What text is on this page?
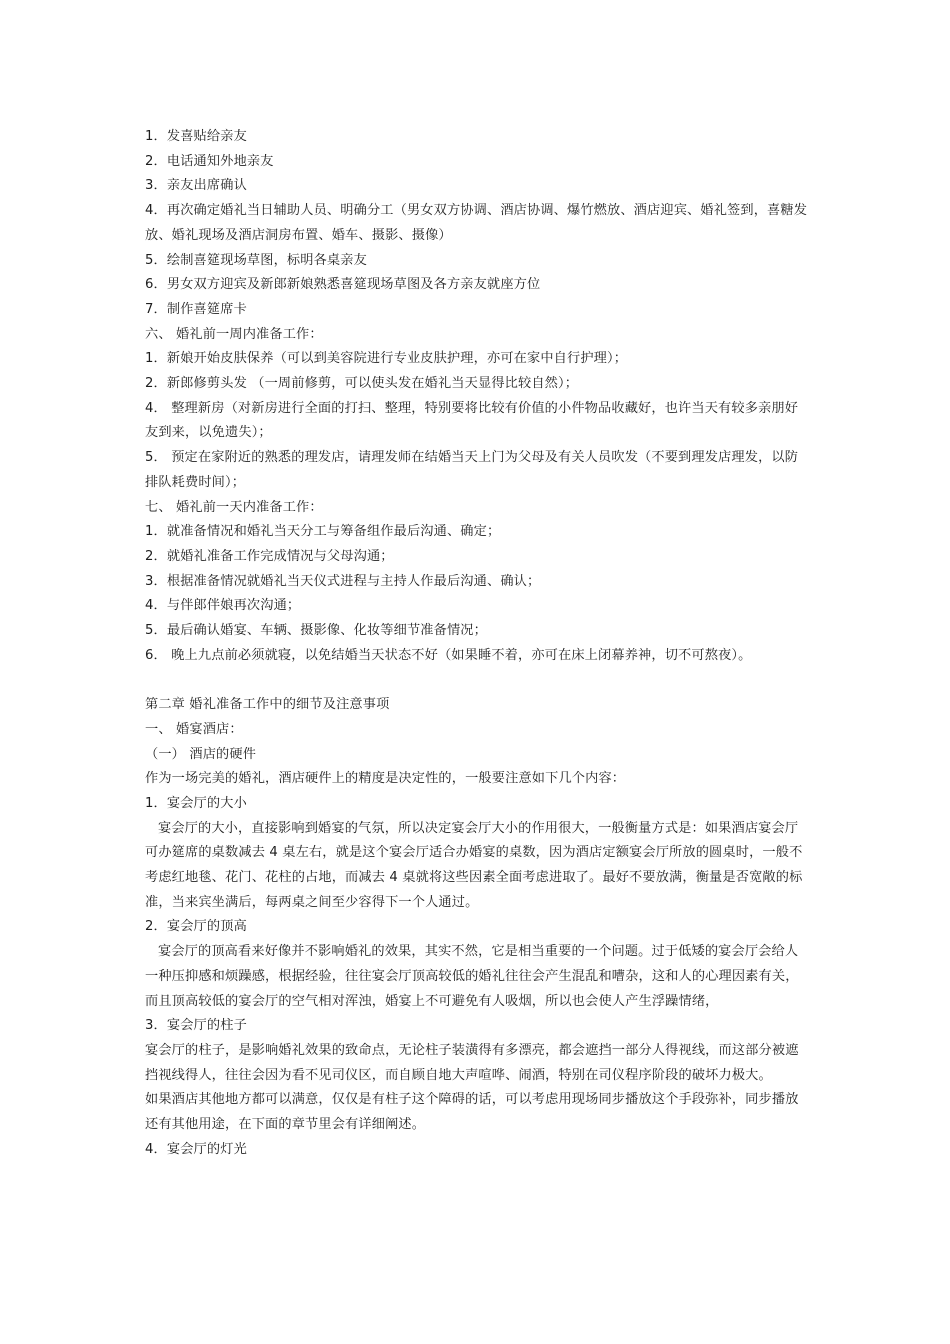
1．发喜贴给亲友

2．电话通知外地亲友

3．亲友出席确认

4．再次确定婚礼当日辅助人员、明确分工（男女双方协调、酒店协调、爆竹燃放、酒店迎宾、婚礼签到，喜糖发放、婚礼现场及酒店洞房布置、婚车、摄影、摄像）

5．绘制喜筵现场草图，标明各桌亲友

6．男女双方迎宾及新郎新娘熟悉喜筵现场草图及各方亲友就座方位

7．制作喜筵席卡

六、 婚礼前一周内准备工作：

1．新娘开始皮肤保养（可以到美容院进行专业皮肤护理，亦可在家中自行护理）；

2．新郎修剪头发 （一周前修剪，可以使头发在婚礼当天显得比较自然）；

4． 整理新房（对新房进行全面的打扫、整理，特别要将比较有价值的小件物品收藏好，也许当天有较多亲朋好友到来，以免遗失）；

5． 预定在家附近的熟悉的理发店，请理发师在结婚当天上门为父母及有关人员吹发（不要到理发店理发，以防排队耗费时间）；

七、 婚礼前一天内准备工作：

1．就准备情况和婚礼当天分工与筹备组作最后沟通、确定；

2．就婚礼准备工作完成情况与父母沟通；

3．根据准备情况就婚礼当天仪式进程与主持人作最后沟通、确认；

4．与伴郎伴娘再次沟通；

5．最后确认婚宴、车辆、摄影像、化妆等细节准备情况；

6． 晚上九点前必须就寝，以免结婚当天状态不好（如果睡不着，亦可在床上闭幕养神，切不可熬夜）。

第二章 婚礼准备工作中的细节及注意事项

一、 婚宴酒店：

（一） 酒店的硬件

作为一场完美的婚礼，酒店硬件上的精度是决定性的，一般要注意如下几个内容：

1．宴会厅的大小

宴会厅的大小，直接影响到婚宴的气氛，所以决定宴会厅大小的作用很大，一般衡量方式是：如果酒店宴会厅可办筵席的桌数减去 4 桌左右，就是这个宴会厅适合办婚宴的桌数，因为酒店定额宴会厅所放的圆桌时，一般不考虑红地毯、花门、花柱的占地，而减去 4 桌就将这些因素全面考虑进取了。最好不要放满，衡量是否宽敞的标准，当来宾坐满后，每两桌之间至少容得下一个人通过。

2．宴会厅的顶高

宴会厅的顶高看来好像并不影响婚礼的效果，其实不然，它是相当重要的一个问题。过于低矮的宴会厅会给人一种压抑感和烦躁感，根据经验，往往宴会厅顶高较低的婚礼往往会产生混乱和嘈杂，这和人的心理因素有关，而且顶高较低的宴会厅的空气相对浑浊，婚宴上不可避免有人吸烟，所以也会使人产生浮躁情绪，

3．宴会厅的柱子

宴会厅的柱子，是影响婚礼效果的致命点，无论柱子装潢得有多漂亮，都会遮挡一部分人得视线，而这部分被遮挡视线得人，往往会因为看不见司仪区，而自顾自地大声喧哗、闹酒，特别在司仪程序阶段的破坏力极大。

如果酒店其他地方都可以满意，仅仅是有柱子这个障碍的话，可以考虑用现场同步播放这个手段弥补，同步播放还有其他用途，在下面的章节里会有详细阐述。

4．宴会厅的灯光
